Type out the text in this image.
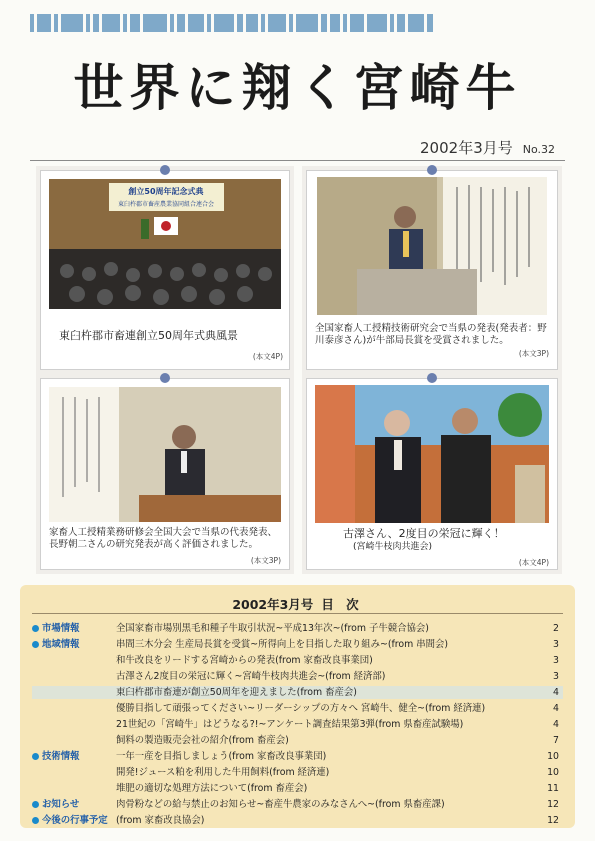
世界に翔く宮崎牛
2002年3月号 No.32
創立50周年記念式典
東臼杵郡市畜産農業協同組合連合会
東臼杵郡市畜連創立50周年式典風景
(本文4P)
全国家畜人工授精技術研究会で当県の発表(発表者：野川泰彦さん)が牛部局長賞を受賞されました。
(本文3P)
家畜人工授精業務研修会全国大会で当県の代表発表、長野朝二さんの研究発表が高く評価されました。
(本文3P)
古澤さん、2度目の栄冠に輝く！
(宮崎牛枝肉共進会)
(本文4P)
2002年3月号 目 次
市場情報	全国家畜市場別黒毛和種子牛取引状況~平成13年次~(from 子牛競合協会)	2
地域情報	串間三木分会 生産局長賞を受賞~所得向上を目指した取り組み~(from 串間会)	3
和牛改良をリードする宮崎からの発表(from 家畜改良事業団)	3
古澤さん2度目の栄冠に輝く~宮崎牛枝肉共進会~(from 経済部)	3
東臼杵郡市畜連が創立50周年を迎えました(from 畜産会)	4
優勝目指して頑張ってください~リーダーシップの方々へ 宮崎牛、健全~(from 経済連)	4
21世紀の「宮崎牛」はどうなる?!~アンケート調査結果第3弾(from 県畜産試験場)	4
飼料の製造販売会社の紹介(from 畜産会)	7
技術情報	一年一産を目指しましょう(from 家畜改良事業団)	10
開発!ジュース粕を利用した牛用飼料(from 経済連)	10
堆肥の適切な処理方法について(from 畜産会)	11
お知らせ	肉骨粉などの給与禁止のお知らせ~畜産牛農家のみなさんへ~(from 県畜産課)	12
今後の行事予定 (from 家畜改良協会)	12
